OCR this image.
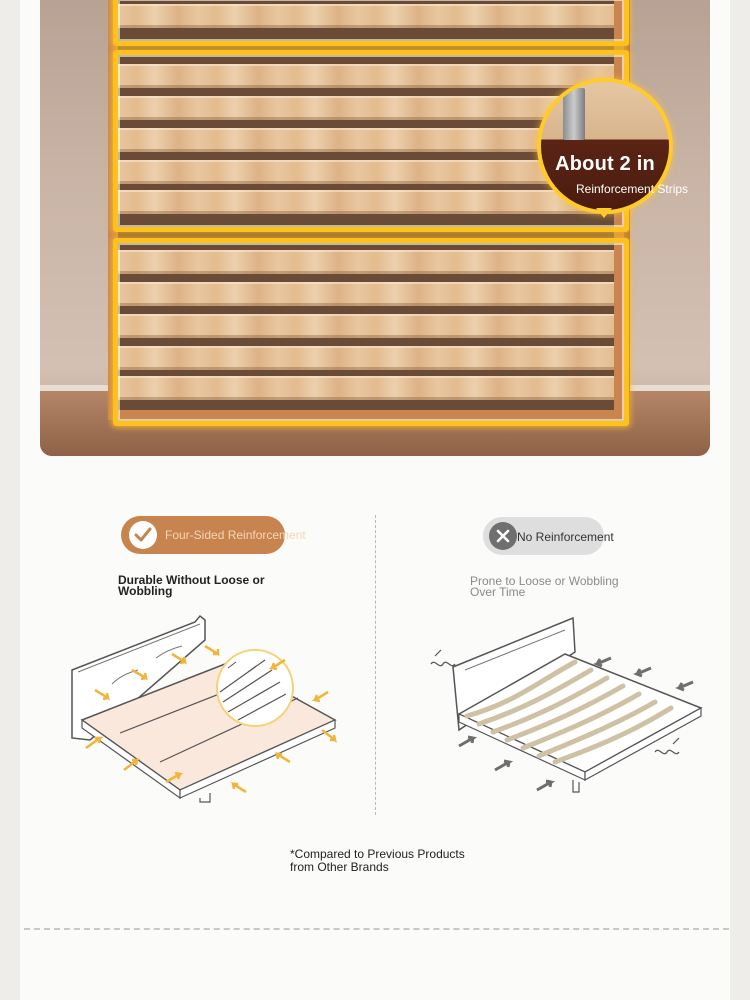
About 2 in
Reinforcement Strips
Four-Sided Reinforcement
Durable Without Loose or Wobbling
No Reinforcement
Prone to Loose or Wobbling Over Time
*Compared to Previous Products from Other Brands
